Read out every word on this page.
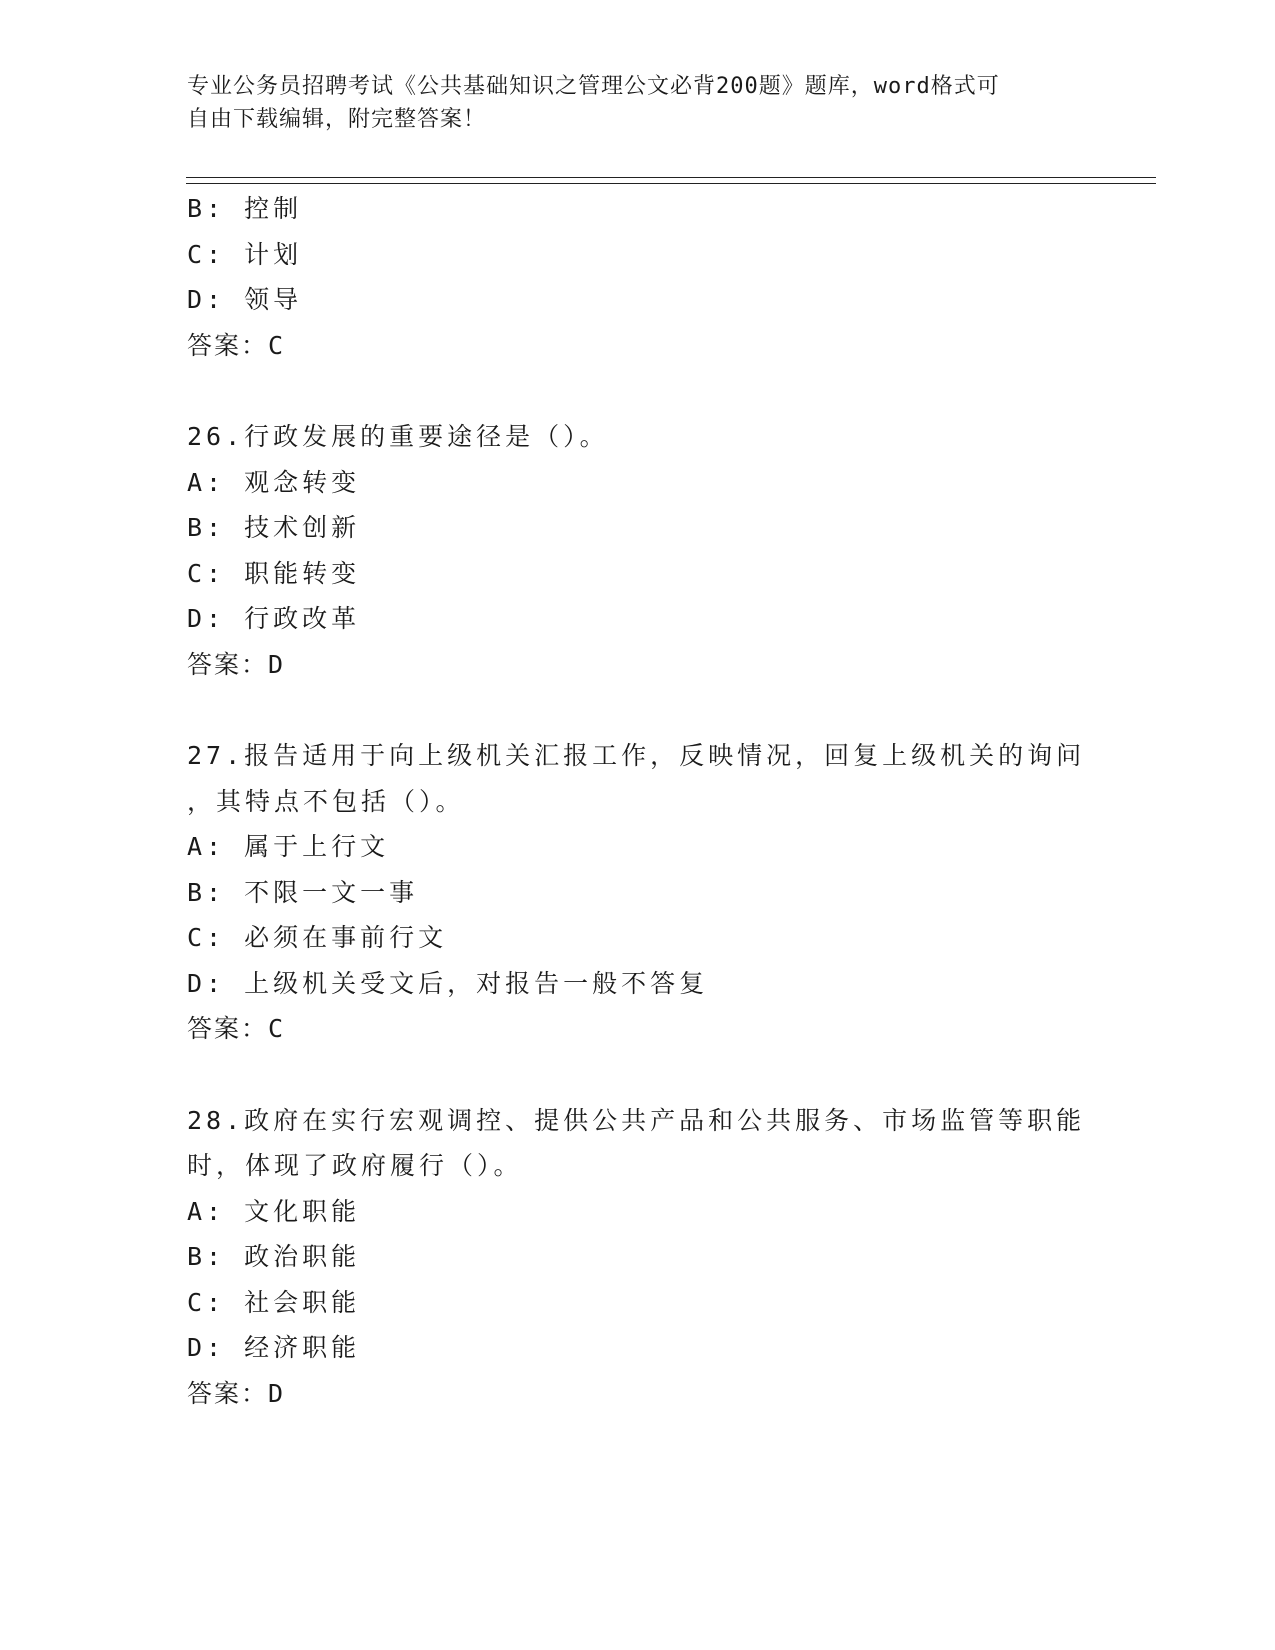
专业公务员招聘考试《公共基础知识之管理公文必背200题》题库，word格式可
自由下载编辑，附完整答案！
B: 控制
C: 计划
D: 领导
答案：C
26.行政发展的重要途径是（）。
A: 观念转变
B: 技术创新
C: 职能转变
D: 行政改革
答案：D
27.报告适用于向上级机关汇报工作，反映情况，回复上级机关的询问
，其特点不包括（）。
A: 属于上行文
B: 不限一文一事
C: 必须在事前行文
D: 上级机关受文后，对报告一般不答复
答案：C
28.政府在实行宏观调控、提供公共产品和公共服务、市场监管等职能
时，体现了政府履行（）。
A: 文化职能
B: 政治职能
C: 社会职能
D: 经济职能
答案：D
